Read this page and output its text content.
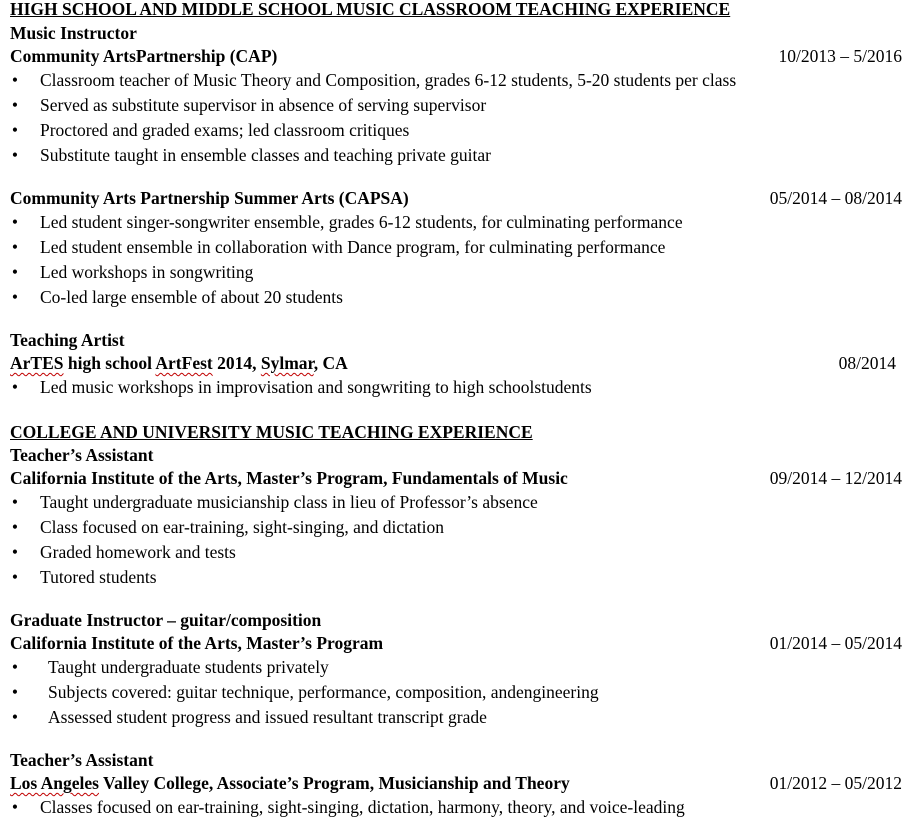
HIGH SCHOOL AND MIDDLE SCHOOL MUSIC CLASSROOM TEACHING EXPERIENCE
Music Instructor
Community ArtsPartnership (CAP)	10/2013 – 5/2016
• Classroom teacher of Music Theory and Composition, grades 6-12 students, 5-20 students per class
• Served as substitute supervisor in absence of serving supervisor
• Proctored and graded exams; led classroom critiques
• Substitute taught in ensemble classes and teaching private guitar
Community Arts Partnership Summer Arts (CAPSA)	05/2014 – 08/2014
• Led student singer-songwriter ensemble, grades 6-12 students, for culminating performance
• Led student ensemble in collaboration with Dance program, for culminating performance
• Led workshops in songwriting
• Co-led large ensemble of about 20 students
Teaching Artist
ArTES high school ArtFest 2014, Sylmar, CA	08/2014
• Led music workshops in improvisation and songwriting to high schoolstudents
COLLEGE AND UNIVERSITY MUSIC TEACHING EXPERIENCE
Teacher’s Assistant
California Institute of the Arts, Master’s Program, Fundamentals of Music	09/2014 – 12/2014
• Taught undergraduate musicianship class in lieu of Professor’s absence
• Class focused on ear-training, sight-singing, and dictation
• Graded homework and tests
• Tutored students
Graduate Instructor – guitar/composition
California Institute of the Arts, Master’s Program	01/2014 – 05/2014
• Taught undergraduate students privately
• Subjects covered: guitar technique, performance, composition, andengineering
• Assessed student progress and issued resultant transcript grade
Teacher’s Assistant
Los Angeles Valley College, Associate’s Program, Musicianship and Theory	01/2012 – 05/2012
• Classes focused on ear-training, sight-singing, dictation, harmony, theory, and voice-leading
